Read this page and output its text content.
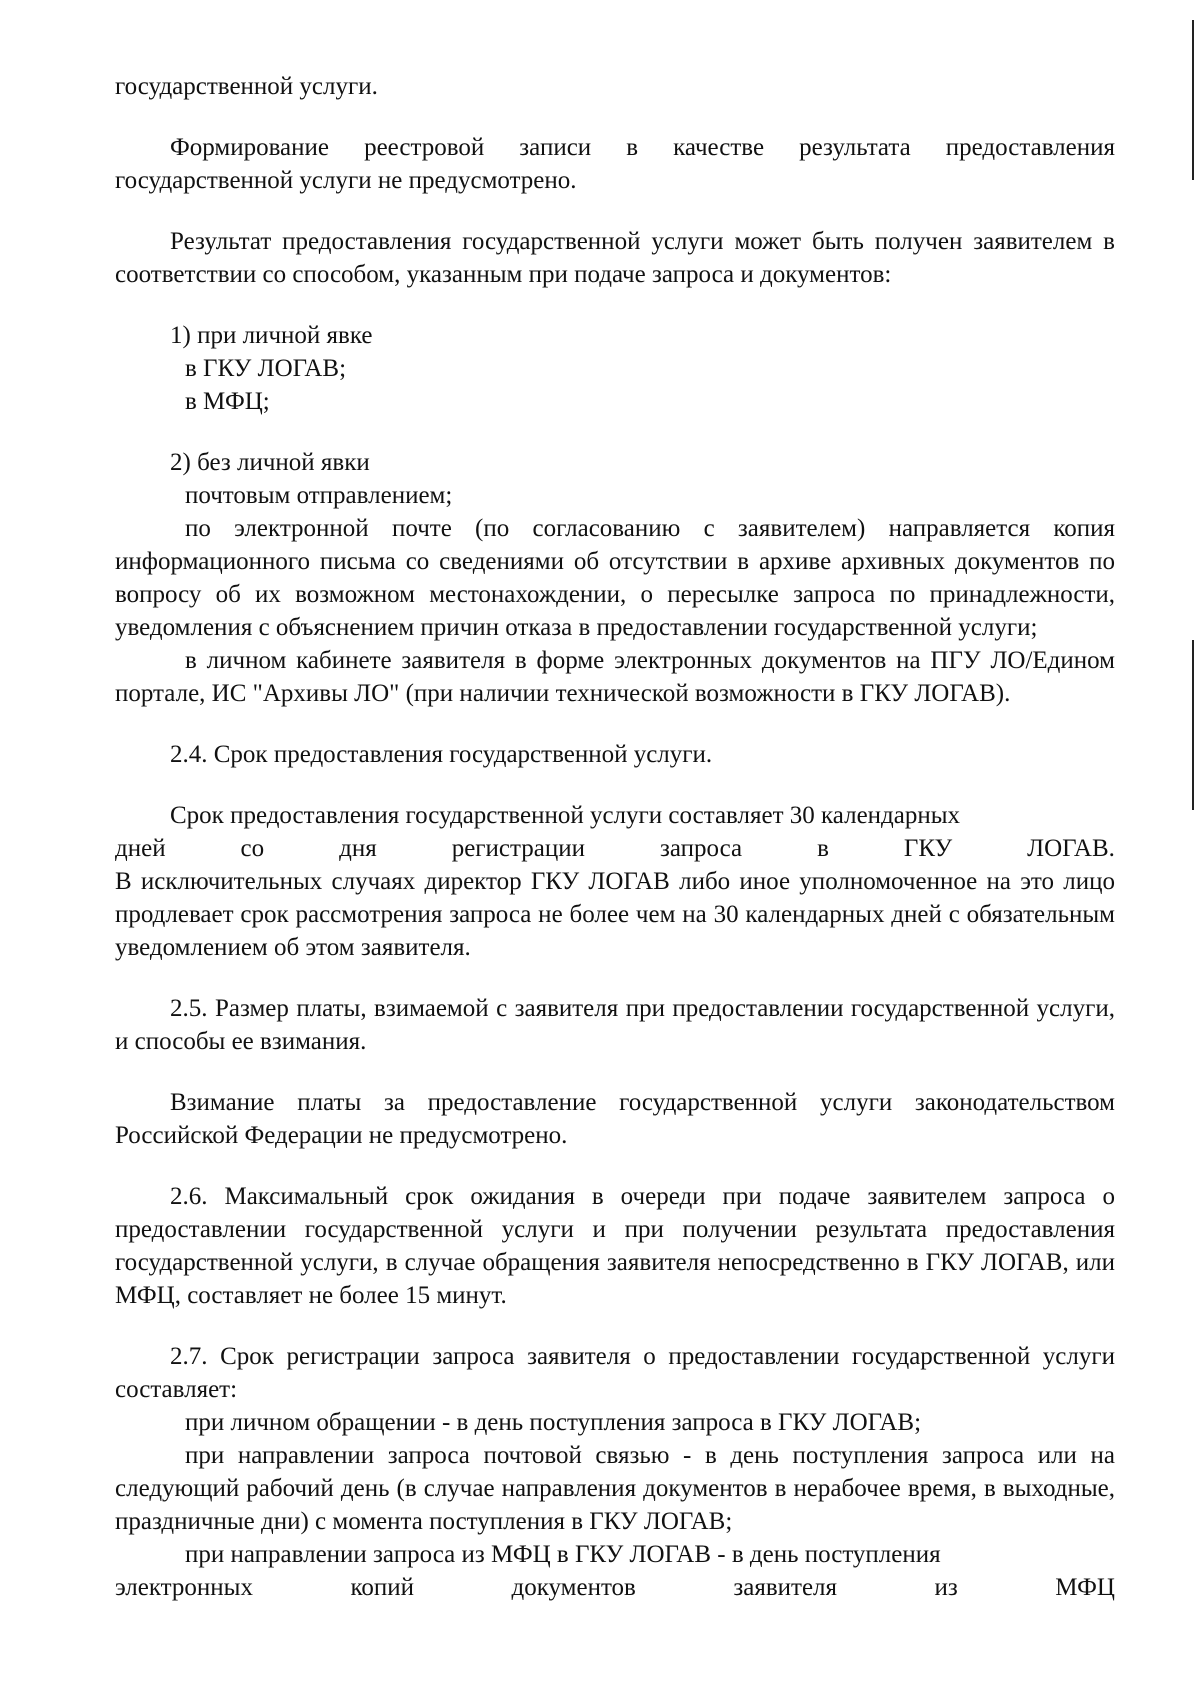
государственной услуги.

Формирование реестровой записи в качестве результата предоставления государственной услуги не предусмотрено.

Результат предоставления государственной услуги может быть получен заявителем в соответствии со способом, указанным при подаче запроса и документов:

1) при личной явке
в ГКУ ЛОГАВ;
в МФЦ;
2) без личной явки
почтовым отправлением;

по электронной почте (по согласованию с заявителем) направляется копия информационного письма со сведениями об отсутствии в архиве архивных документов по вопросу об их возможном местонахождении, о пересылке запроса по принадлежности, уведомления с объяснением причин отказа в предоставлении государственной услуги;

в личном кабинете заявителя в форме электронных документов на ПГУ ЛО/Едином портале, ИС "Архивы ЛО" (при наличии технической возможности в ГКУ ЛОГАВ).

2.4. Срок предоставления государственной услуги.

Срок предоставления государственной услуги составляет 30 календарных
дней	со	дня	регистрации	запроса	в	ГКУ	ЛОГАВ.

В исключительных случаях директор ГКУ ЛОГАВ либо иное уполномоченное на это лицо продлевает срок рассмотрения запроса не более чем на 30 календарных дней с обязательным уведомлением об этом заявителя.

2.5. Размер платы, взимаемой с заявителя при предоставлении государственной услуги, и способы ее взимания.

Взимание платы за предоставление государственной услуги законодательством Российской Федерации не предусмотрено.

2.6. Максимальный срок ожидания в очереди при подаче заявителем запроса о предоставлении государственной услуги и при получении результата предоставления государственной услуги, в случае обращения заявителя непосредственно в ГКУ ЛОГАВ, или МФЦ, составляет не более 15 минут.

2.7. Срок регистрации запроса заявителя о предоставлении государственной услуги составляет:

при личном обращении - в день поступления запроса в ГКУ ЛОГАВ;

при направлении запроса почтовой связью - в день поступления запроса или на следующий рабочий день (в случае направления документов в нерабочее время, в выходные, праздничные дни) с момента поступления в ГКУ ЛОГАВ;

при направлении запроса из МФЦ в ГКУ ЛОГАВ - в день поступления

электронных	копий	документов	заявителя	из	МФЦ
